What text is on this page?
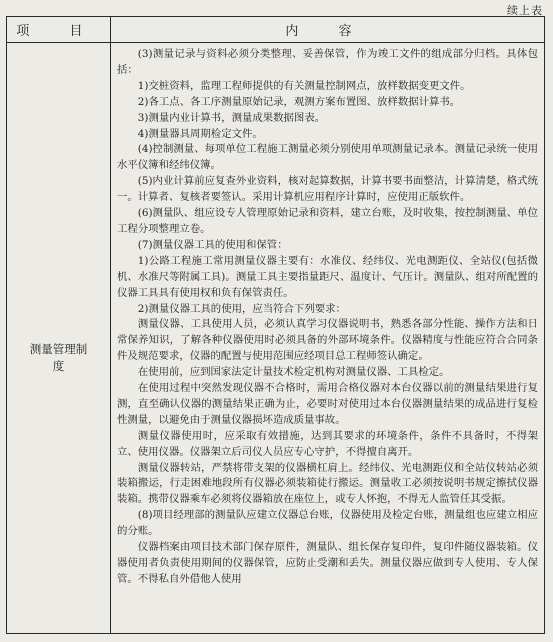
续上表
项 目	内 容
测量管理制度

(3)测量记录与资料必须分类整理、妥善保管，作为竣工文件的组成部分归档。具体包括：

1)交桩资料，监理工程师提供的有关测量控制网点，放样数据变更文件。

2)各工点、各工序测量原始记录，观测方案布置图、放样数据计算书。

3)测量内业计算书，测量成果数据图表。

4)测量器具周期检定文件。

(4)控制测量、每项单位工程施工测量必须分别使用单项测量记录本。测量记录统一使用水平仪簿和经纬仪簿。

(5)内业计算前应复查外业资料，核对起算数据，计算书要书面整洁，计算清楚，格式统一。计算者、复核者要签认。采用计算机应用程序计算时，应使用正版软件。

(6)测量队、组应设专人管理原始记录和资料，建立台账，及时收集，按控制测量、单位工程分项整理立卷。

(7)测量仪器工具的使用和保管：

1)公路工程施工常用测量仪器主要有：水准仪、经纬仪、光电测距仪、全站仪(包括微机、水准尺等附属工具)。测量工具主要指量距尺、温度计、气压计。测量队、组对所配置的仪器工具具有使用权和负有保管责任。

2)测量仪器工具的使用，应当符合下列要求：

测量仪器、工具使用人员，必须认真学习仪器说明书，熟悉各部分性能、操作方法和日常保养知识，了解各种仪器使用时必须具备的外部环境条件。仪器精度与性能应符合合同条件及规范要求，仪器的配置与使用范围应经项目总工程师签认确定。

在使用前，应到国家法定计量技术检定机构对测量仪器、工具检定。

在使用过程中突然发现仪器不合格时，需用合格仪器对本台仪器以前的测量结果进行复测，直至确认仪器的测量结果正确为止，必要时对使用过本台仪器测量结果的成品进行复检性测量，以避免由于测量仪器损坏造成质量事故。

测量仪器使用时，应采取有效措施，达到其要求的环境条件，条件不具备时，不得架立、使用仪器。仪器架立后司仪人员应专心守护，不得擅自离开。

测量仪器转站，严禁将带支架的仪器横杠肩上。经纬仪、光电测距仪和全站仪转站必须装箱搬运，行走困难地段所有仪器必须装箱徒行搬运。测量收工必须按说明书规定擦拭仪器装箱。携带仪器乘车必须将仪器箱放在座位上，或专人怀抱，不得无人监管任其受振。

(8)项目经理部的测量队应建立仪器总台账，仪器使用及检定台账，测量组也应建立相应的分账。

仪器档案由项目技术部门保存原件，测量队、组长保存复印件，复印件随仪器装箱。仪器使用者负责使用期间的仪器保管，应防止受潮和丢失。测量仪器应做到专人使用、专人保管。不得私自外借他人使用
